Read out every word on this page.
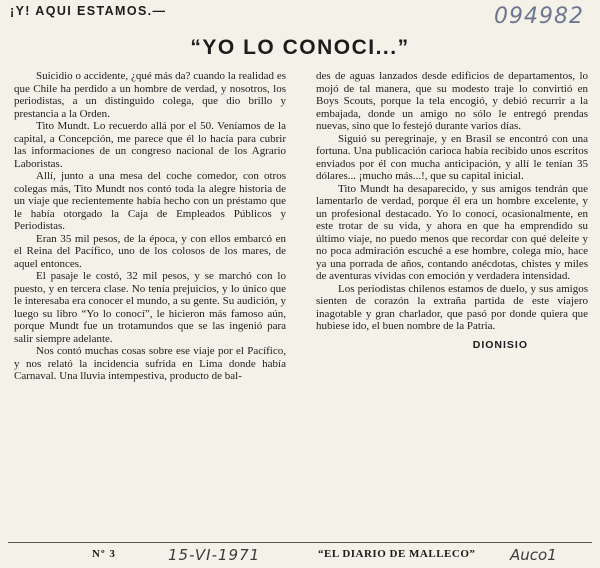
¡Y! AQUI ESTAMOS.—	094982
“YO LO CONOCI...”

Suicidio o accidente, ¿qué más da? cuando la realidad es que Chile ha perdido a un hombre de verdad, y nosotros, los periodistas, a un distinguido colega, que dio brillo y prestancia a la Orden.

Tito Mundt. Lo recuerdo allá por el 50. Veníamos de la capital, a Concepción, me parece que él lo hacía para cubrir las informaciones de un congreso nacional de los Agrario Laboristas.

Allí, junto a una mesa del coche comedor, con otros colegas más, Tito Mundt nos contó toda la alegre historia de un viaje que recientemente había hecho con un préstamo que le había otorgado la Caja de Empleados Públicos y Periodistas.

Eran 35 mil pesos, de la época, y con ellos embarcó en el Reina del Pacífico, uno de los colosos de los mares, de aquel entonces.

El pasaje le costó, 32 mil pesos, y se marchó con lo puesto, y en tercera clase. No tenía prejuicios, y lo único que le interesaba era conocer el mundo, a su gente. Su audición, y luego su libro “Yo lo conocí”, le hicieron más famoso aún, porque Mundt fue un trotamundos que se las ingenió para salir siempre adelante.

Nos contó muchas cosas sobre ese viaje por el Pacífico, y nos relató la incidencia sufrida en Lima donde había Carnaval. Una lluvia intempestiva, producto de bal-

des de aguas lanzados desde edificios de departamentos, lo mojó de tal manera, que su modesto traje lo convirtió en Boys Scouts, porque la tela encogió, y debió recurrir a la embajada, donde un amigo no sólo le entregó prendas nuevas, sino que lo festejó durante varios días.

Siguió su peregrinaje, y en Brasil se encontró con una fortuna. Una publicación carioca había recibido unos escritos enviados por él con mucha anticipación, y allí le tenían 35 dólares... ¡mucho más...!, que su capital inicial.

Tito Mundt ha desaparecido, y sus amigos tendrán que lamentarlo de verdad, porque él era un hombre excelente, y un profesional destacado. Yo lo conocí, ocasionalmente, en este trotar de su vida, y ahora en que ha emprendido su último viaje, no puedo menos que recordar con qué deleite y no poca admiración escuché a ese hombre, colega mío, hace ya una porrada de años, contando anécdotas, chistes y miles de aventuras vividas con emoción y verdadera intensidad.

Los periodistas chilenos estamos de duelo, y sus amigos sienten de corazón la extraña partida de este viajero inagotable y gran charlador, que pasó por donde quiera que hubiese ido, el buen nombre de la Patria.

DIONISIO
Nº 3	15-VI-1971	“EL DIARIO DE MALLECO” Auco1
